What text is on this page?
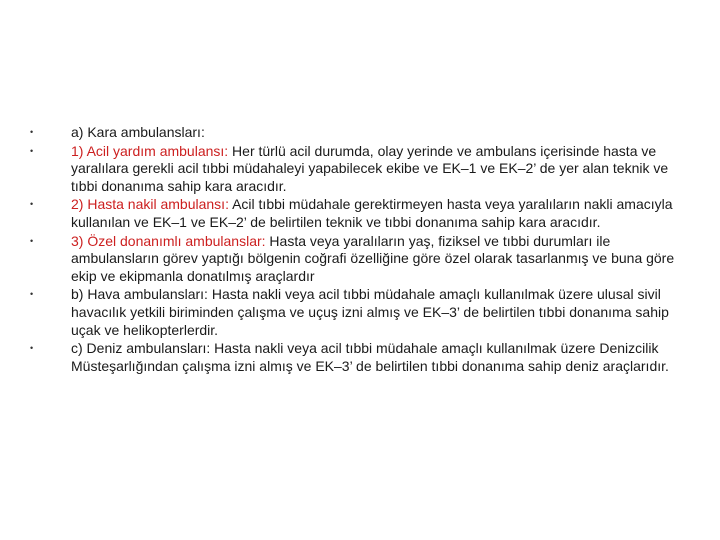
•	a) Kara ambulansları:
•	1) Acil yardım ambulansı: Her türlü acil durumda, olay yerinde ve ambulans içerisinde hasta ve yaralılara gerekli acil tıbbi müdahaleyi yapabilecek ekibe ve EK–1 ve EK–2’ de yer alan teknik ve tıbbi donanıma sahip kara aracıdır.
•	2) Hasta nakil ambulansı: Acil tıbbi müdahale gerektirmeyen hasta veya yaralıların nakli amacıyla kullanılan ve EK–1 ve EK–2’ de belirtilen teknik ve tıbbi donanıma sahip kara aracıdır.
•	3) Özel donanımlı ambulanslar: Hasta veya yaralıların yaş, fiziksel ve tıbbi durumları ile ambulansların görev yaptığı bölgenin coğrafi özelliğine göre özel olarak tasarlanmış ve buna göre ekip ve ekipmanla donatılmış araçlardır
•	b) Hava ambulansları: Hasta nakli veya acil tıbbi müdahale amaçlı kullanılmak üzere ulusal sivil havacılık yetkili biriminden çalışma ve uçuş izni almış ve EK–3’ de belirtilen tıbbi donanıma sahip uçak ve helikopterlerdir.
•	c) Deniz ambulansları: Hasta nakli veya acil tıbbi müdahale amaçlı kullanılmak üzere Denizcilik Müsteşarlığından çalışma izni almış ve EK–3’ de belirtilen tıbbi donanıma sahip deniz araçlarıdır.
